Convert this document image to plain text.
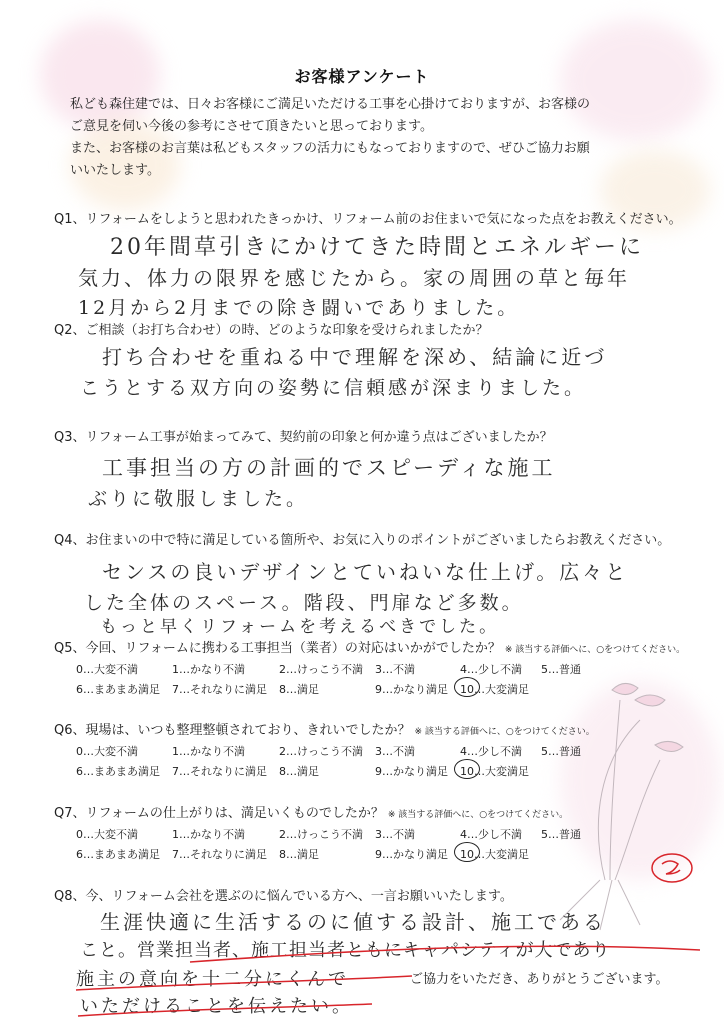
お客様アンケート

私ども森住建では、日々お客様にご満足いただける工事を心掛けておりますが、お客様の

ご意見を伺い今後の参考にさせて頂きたいと思っております。

また、お客様のお言葉は私どもスタッフの活力にもなっておりますので、ぜひご協力お願

いいたします。

Q1、リフォームをしようと思われたきっかけ、リフォーム前のお住まいで気になった点をお教えください。
20年間草引きにかけてきた時間とエネルギーに
気力、体力の限界を感じたから。家の周囲の草と毎年
12月から2月までの除き闘いでありました。
Q2、ご相談（お打ち合わせ）の時、どのような印象を受けられましたか？
打ち合わせを重ねる中で理解を深め、結論に近づ
こうとする双方向の姿勢に信頼感が深まりました。
Q3、リフォーム工事が始まってみて、契約前の印象と何か違う点はございましたか？
工事担当の方の計画的でスピーディな施工
ぶりに敬服しました。
Q4、お住まいの中で特に満足している箇所や、お気に入りのポイントがございましたらお教えください。
センスの良いデザインとていねいな仕上げ。広々と
した全体のスペース。階段、門扉など多数。
もっと早くリフォームを考えるべきでした。
Q5、今回、リフォームに携わる工事担当（業者）の対応はいかがでしたか？ ※ 該当する評価へに、○をつけてください。
0…大変不満	1…かなり不満	2…けっこう不満 3…不満	4…少し不満	5…普通
6…まあまあ満足 7…それなりに満足 8…満足	9…かなり満足 10…大変満足
Q6、現場は、いつも整理整頓されており、きれいでしたか？ ※ 該当する評価へに、○をつけてください。
0…大変不満	1…かなり不満	2…けっこう不満 3…不満	4…少し不満	5…普通
6…まあまあ満足 7…それなりに満足 8…満足	9…かなり満足 10…大変満足
Q7、リフォームの仕上がりは、満足いくものでしたか？ ※ 該当する評価へに、○をつけてください。
0…大変不満	1…かなり不満	2…けっこう不満 3…不満	4…少し不満	5…普通
6…まあまあ満足 7…それなりに満足 8…満足	9…かなり満足 10…大変満足
Q8、今、リフォーム会社を選ぶのに悩んでいる方へ、一言お願いいたします。
生涯快適に生活するのに値する設計、施工である
こと。営業担当者、施工担当者ともにキャパシティが大であり
施主の意向を十二分にくんで
いただけることを伝えたい。
ご協力をいただき、ありがとうございます。
